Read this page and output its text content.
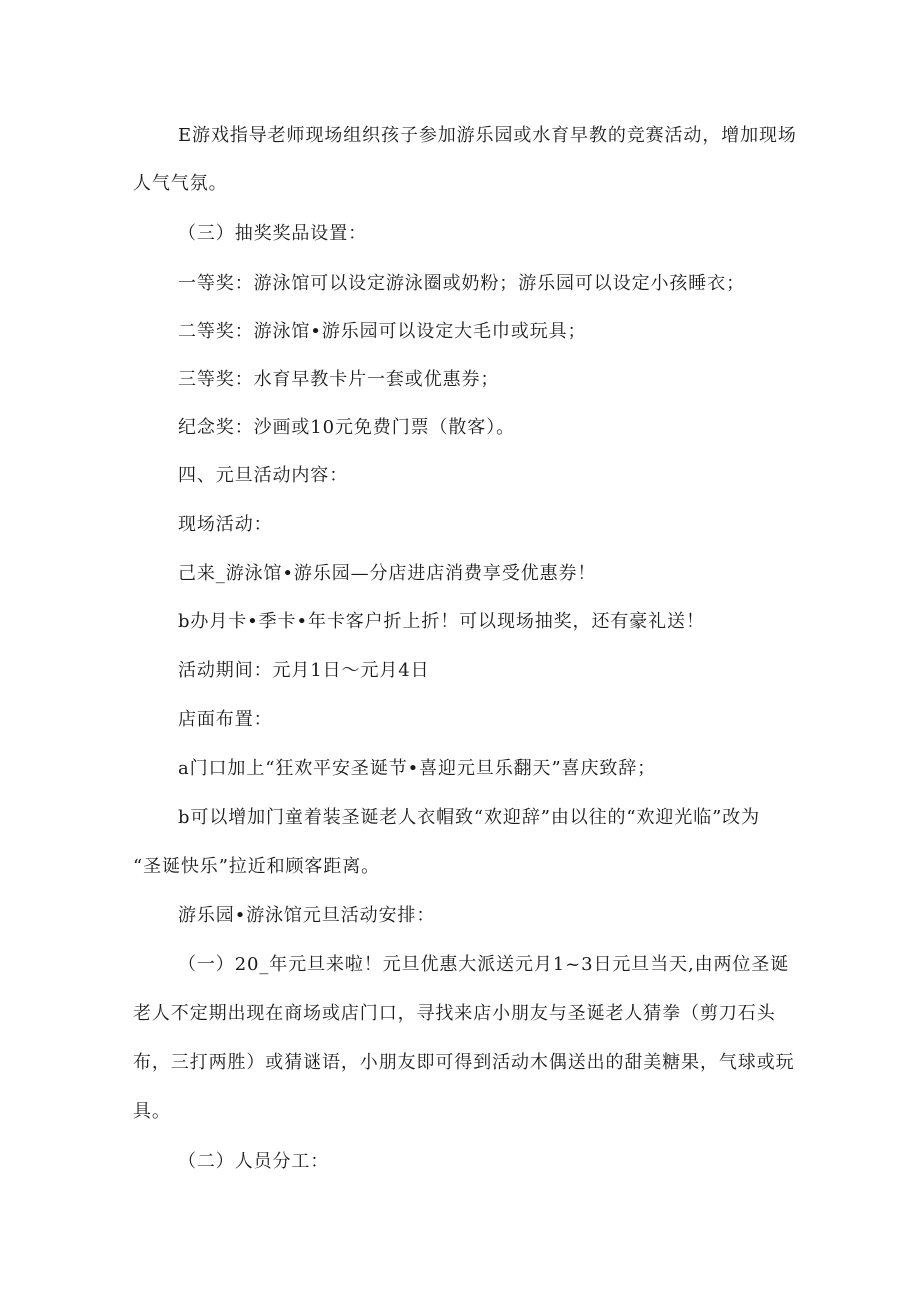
E游戏指导老师现场组织孩子参加游乐园或水育早教的竞赛活动，增加现场
人气气氛。
（三）抽奖奖品设置：
一等奖：游泳馆可以设定游泳圈或奶粉；游乐园可以设定小孩睡衣；
二等奖：游泳馆•游乐园可以设定大毛巾或玩具；
三等奖：水育早教卡片一套或优惠券；
纪念奖：沙画或10元免费门票（散客）。
四、元旦活动内容：
现场活动：
己来_游泳馆•游乐园—分店进店消费享受优惠券！
b办月卡•季卡•年卡客户折上折！可以现场抽奖，还有豪礼送！
活动期间：元月1日～元月4日
店面布置：
a门口加上“狂欢平安圣诞节•喜迎元旦乐翻天”喜庆致辞；
b可以增加门童着装圣诞老人衣帽致“欢迎辞”由以往的“欢迎光临”改为
“圣诞快乐”拉近和顾客距离。
游乐园•游泳馆元旦活动安排：
（一）20_年元旦来啦！元旦优惠大派送元月1~3日元旦当天,由两位圣诞
老人不定期出现在商场或店门口，寻找来店小朋友与圣诞老人猜拳（剪刀石头
布，三打两胜）或猜谜语，小朋友即可得到活动木偶送出的甜美糖果，气球或玩
具。
（二）人员分工：
